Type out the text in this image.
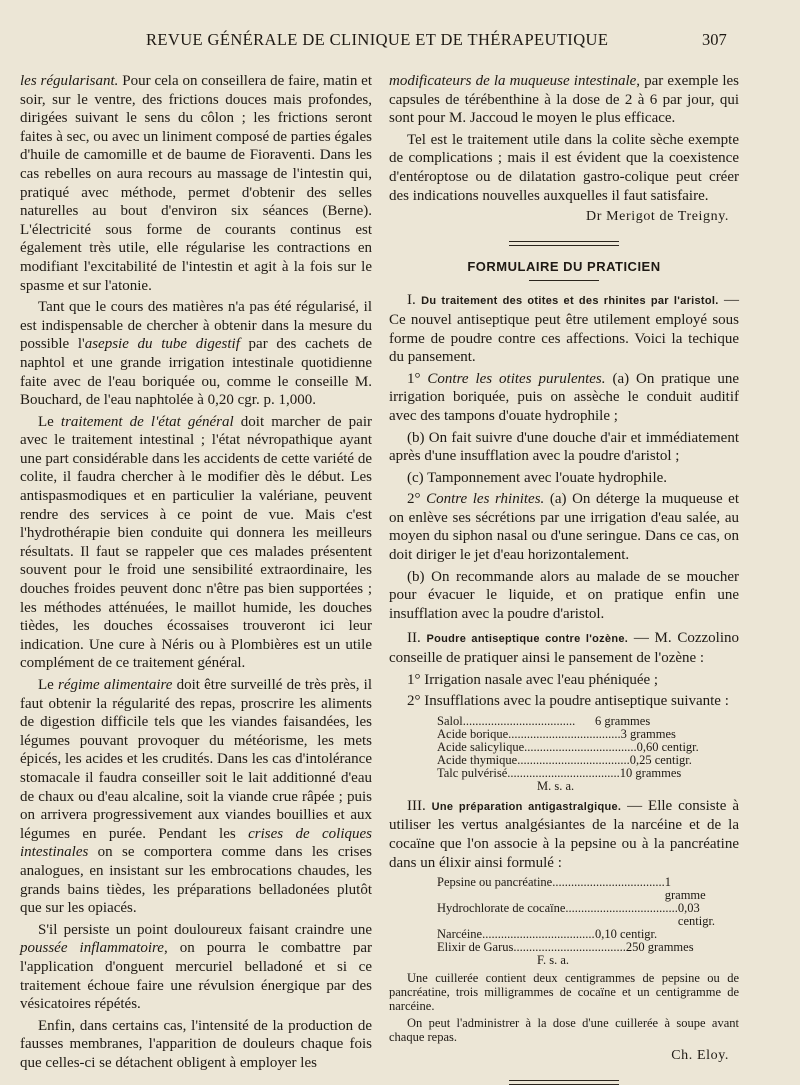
REVUE GÉNÉRALE DE CLINIQUE ET DE THÉRAPEUTIQUE	307

les régularisant. Pour cela on conseillera de faire, matin et soir, sur le ventre, des frictions douces mais profondes, dirigées suivant le sens du côlon ; les frictions seront faites à sec, ou avec un liniment composé de parties égales d'huile de camomille et de baume de Fioraventi. Dans les cas rebelles on aura recours au massage de l'intestin qui, pratiqué avec méthode, permet d'obtenir des selles naturelles au bout d'environ six séances (Berne). L'électricité sous forme de courants continus est également très utile, elle régularise les contractions en modifiant l'excitabilité de l'intestin et agit à la fois sur le spasme et sur l'atonie.

Tant que le cours des matières n'a pas été régularisé, il est indispensable de chercher à obtenir dans la mesure du possible l'asepsie du tube digestif par des cachets de naphtol et une grande irrigation intestinale quotidienne faite avec de l'eau boriquée ou, comme le conseille M. Bouchard, de l'eau naphtolée à 0,20 cgr. p. 1,000.

Le traitement de l'état général doit marcher de pair avec le traitement intestinal ; l'état névropathique ayant une part considérable dans les accidents de cette variété de colite, il faudra chercher à le modifier dès le début. Les antispasmodiques et en particulier la valériane, peuvent rendre des services à ce point de vue. Mais c'est l'hydrothérapie bien conduite qui donnera les meilleurs résultats. Il faut se rappeler que ces malades présentent souvent pour le froid une sensibilité extraordinaire, les douches froides peuvent donc n'être pas bien supportées ; les méthodes atténuées, le maillot humide, les douches tièdes, les douches écossaises trouveront ici leur indication. Une cure à Néris ou à Plombières est un utile complément de ce traitement général.

Le régime alimentaire doit être surveillé de très près, il faut obtenir la régularité des repas, proscrire les aliments de digestion difficile tels que les viandes faisandées, les légumes pouvant provoquer du météorisme, les mets épicés, les acides et les crudités. Dans les cas d'intolérance stomacale il faudra conseiller soit le lait additionné d'eau de chaux ou d'eau alcaline, soit la viande crue râpée ; puis on arrivera progressivement aux viandes bouillies et aux légumes en purée. Pendant les crises de coliques intestinales on se comportera comme dans les crises analogues, en insistant sur les embrocations chaudes, les grands bains tièdes, les préparations belladonées plutôt que sur les opiacés.

S'il persiste un point douloureux faisant craindre une poussée inflammatoire, on pourra le combattre par l'application d'onguent mercuriel belladoné et si ce traitement échoue faire une révulsion énergique par des vésicatoires répétés.

Enfin, dans certains cas, l'intensité de la production de fausses membranes, l'apparition de douleurs chaque fois que celles-ci se détachent obligent à employer les

modificateurs de la muqueuse intestinale, par exemple les capsules de térébenthine à la dose de 2 à 6 par jour, qui sont pour M. Jaccoud le moyen le plus efficace.

Tel est le traitement utile dans la colite sèche exempte de complications ; mais il est évident que la coexistence d'entéroptose ou de dilatation gastro-colique peut créer des indications nouvelles auxquelles il faut satisfaire.

Dr Merigot de Treigny.
FORMULAIRE DU PRATICIEN

I. Du traitement des otites et des rhinites par l'aristol. — Ce nouvel antiseptique peut être utilement employé sous forme de poudre contre ces affections. Voici la techique du pansement.

1° Contre les otites purulentes. (a) On pratique une irrigation boriquée, puis on assèche le conduit auditif avec des tampons d'ouate hydrophile ;

(b) On fait suivre d'une douche d'air et immédiatement après d'une insufflation avec la poudre d'aristol ;

(c) Tamponnement avec l'ouate hydrophile.

2° Contre les rhinites. (a) On déterge la muqueuse et on enlève ses sécrétions par une irrigation d'eau salée, au moyen du siphon nasal ou d'une seringue. Dans ce cas, on doit diriger le jet d'eau horizontalement.

(b) On recommande alors au malade de se moucher pour évacuer le liquide, et on pratique enfin une insufflation avec la poudre d'aristol.

II. Poudre antiseptique contre l'ozène. — M. Cozzolino conseille de pratiquer ainsi le pansement de l'ozène :

1° Irrigation nasale avec l'eau phéniquée ;

2° Insufflations avec la poudre antiseptique suivante :

Salol....................................	6 grammes
Acide borique.................................... 3 grammes
Acide salicylique.................................... 0,60 centigr.
Acide thymique.................................... 0,25 centigr.
Talc pulvérisé.................................... 10 grammes
M. s. a.

III. Une préparation antigastralgique. — Elle consiste à utiliser les vertus analgésiantes de la narcéine et de la cocaïne que l'on associe à la pepsine ou à la pancréatine dans un élixir ainsi formulé :

Pepsine ou pancréatine.................................... 1 gramme
Hydrochlorate de cocaïne.................................... 0,03 centigr.
Narcéine.................................... 0,10 centigr.
Elixir de Garus.................................... 250 grammes
F. s. a.

Une cuillerée contient deux centigrammes de pepsine ou de pancréatine, trois milligrammes de cocaïne et un centigramme de narcéine.

On peut l'administrer à la dose d'une cuillerée à soupe avant chaque repas.

Ch. Eloy.
